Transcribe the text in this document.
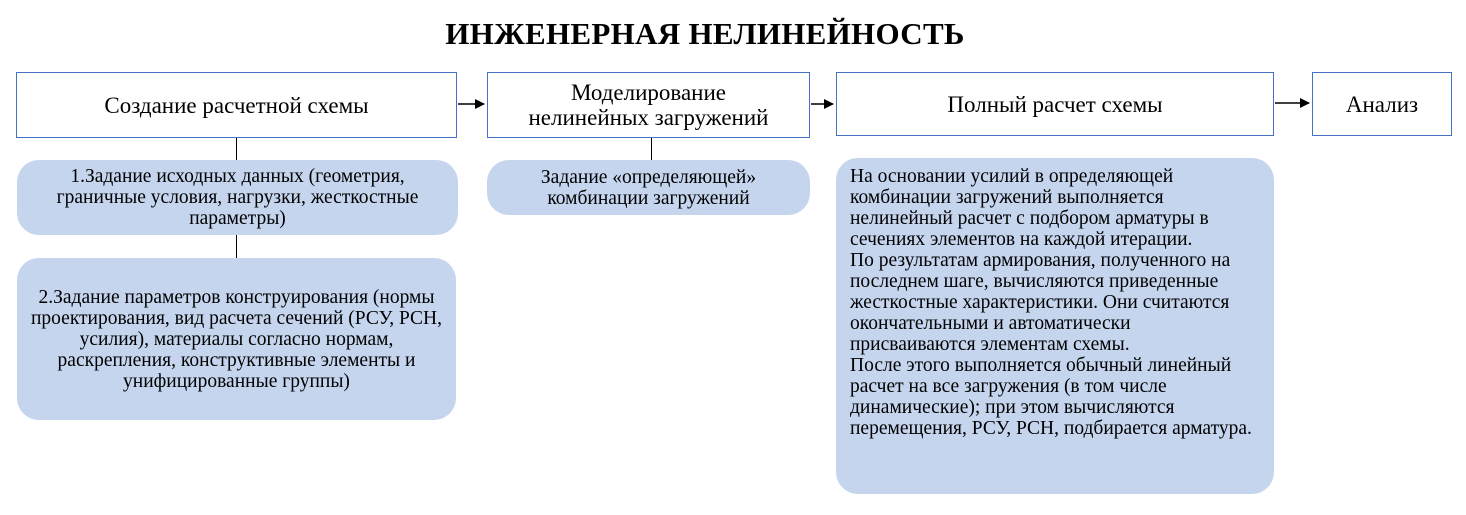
ИНЖЕНЕРНАЯ НЕЛИНЕЙНОСТЬ
Создание расчетной схемы	Моделирование нелинейных загружений
Полный расчет схемы	Анализ
1.Задание исходных данных (геометрия, граничные условия, нагрузки, жесткостные параметры)
2.Задание параметров конструирования (нормы проектирования, вид расчета сечений (РСУ, РСН, усилия), материалы согласно нормам, раскрепления, конструктивные элементы и унифицированные группы)
Задание «определяющей» комбинации загружений

На основании усилий в определяющей комбинации загружений выполняется нелинейный расчет с подбором арматуры в сечениях элементов на каждой итерации.

По результатам армирования, полученного на последнем шаге, вычисляются приведенные жесткостные характеристики. Они считаются окончательными и автоматически присваиваются элементам схемы.

После этого выполняется обычный линейный расчет на все загружения (в том числе динамические); при этом вычисляются перемещения, РСУ, РСН, подбирается арматура.
